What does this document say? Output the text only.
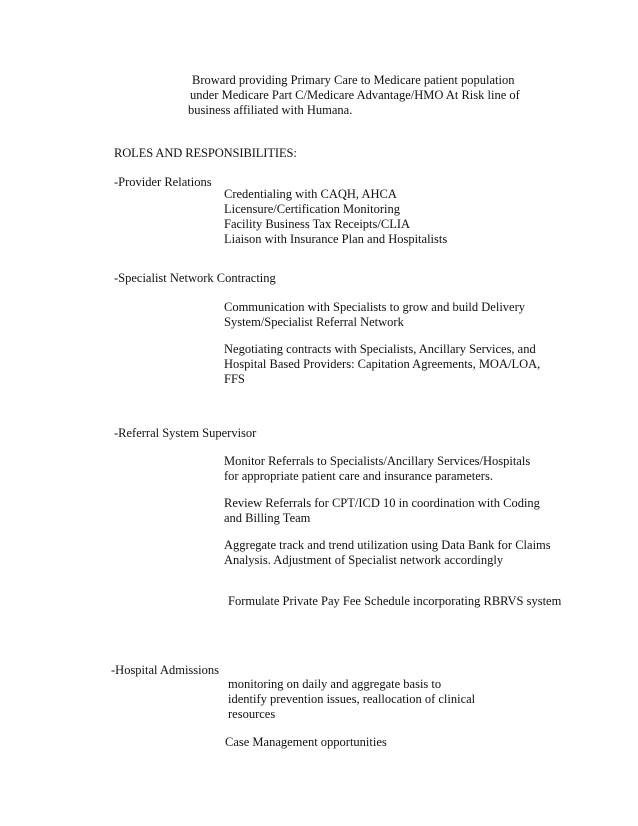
Broward providing Primary Care to Medicare patient population
under Medicare Part C/Medicare Advantage/HMO At Risk line of
business affiliated with Humana.
ROLES AND RESPONSIBILITIES:
-Provider Relations
Credentialing with CAQH, AHCA
Licensure/Certification Monitoring
Facility Business Tax Receipts/CLIA
Liaison with Insurance Plan and Hospitalists
-Specialist Network Contracting
Communication with Specialists to grow and build Delivery
System/Specialist Referral Network
Negotiating contracts with Specialists, Ancillary Services, and
Hospital Based Providers: Capitation Agreements, MOA/LOA,
FFS
-Referral System Supervisor
Monitor Referrals to Specialists/Ancillary Services/Hospitals
for appropriate patient care and insurance parameters.
Review Referrals for CPT/ICD 10 in coordination with Coding
and Billing Team
Aggregate track and trend utilization using Data Bank for Claims
Analysis. Adjustment of Specialist network accordingly
Formulate Private Pay Fee Schedule incorporating RBRVS system
-Hospital Admissions
monitoring on daily and aggregate basis to
identify prevention issues, reallocation of clinical
resources
Case Management opportunities
